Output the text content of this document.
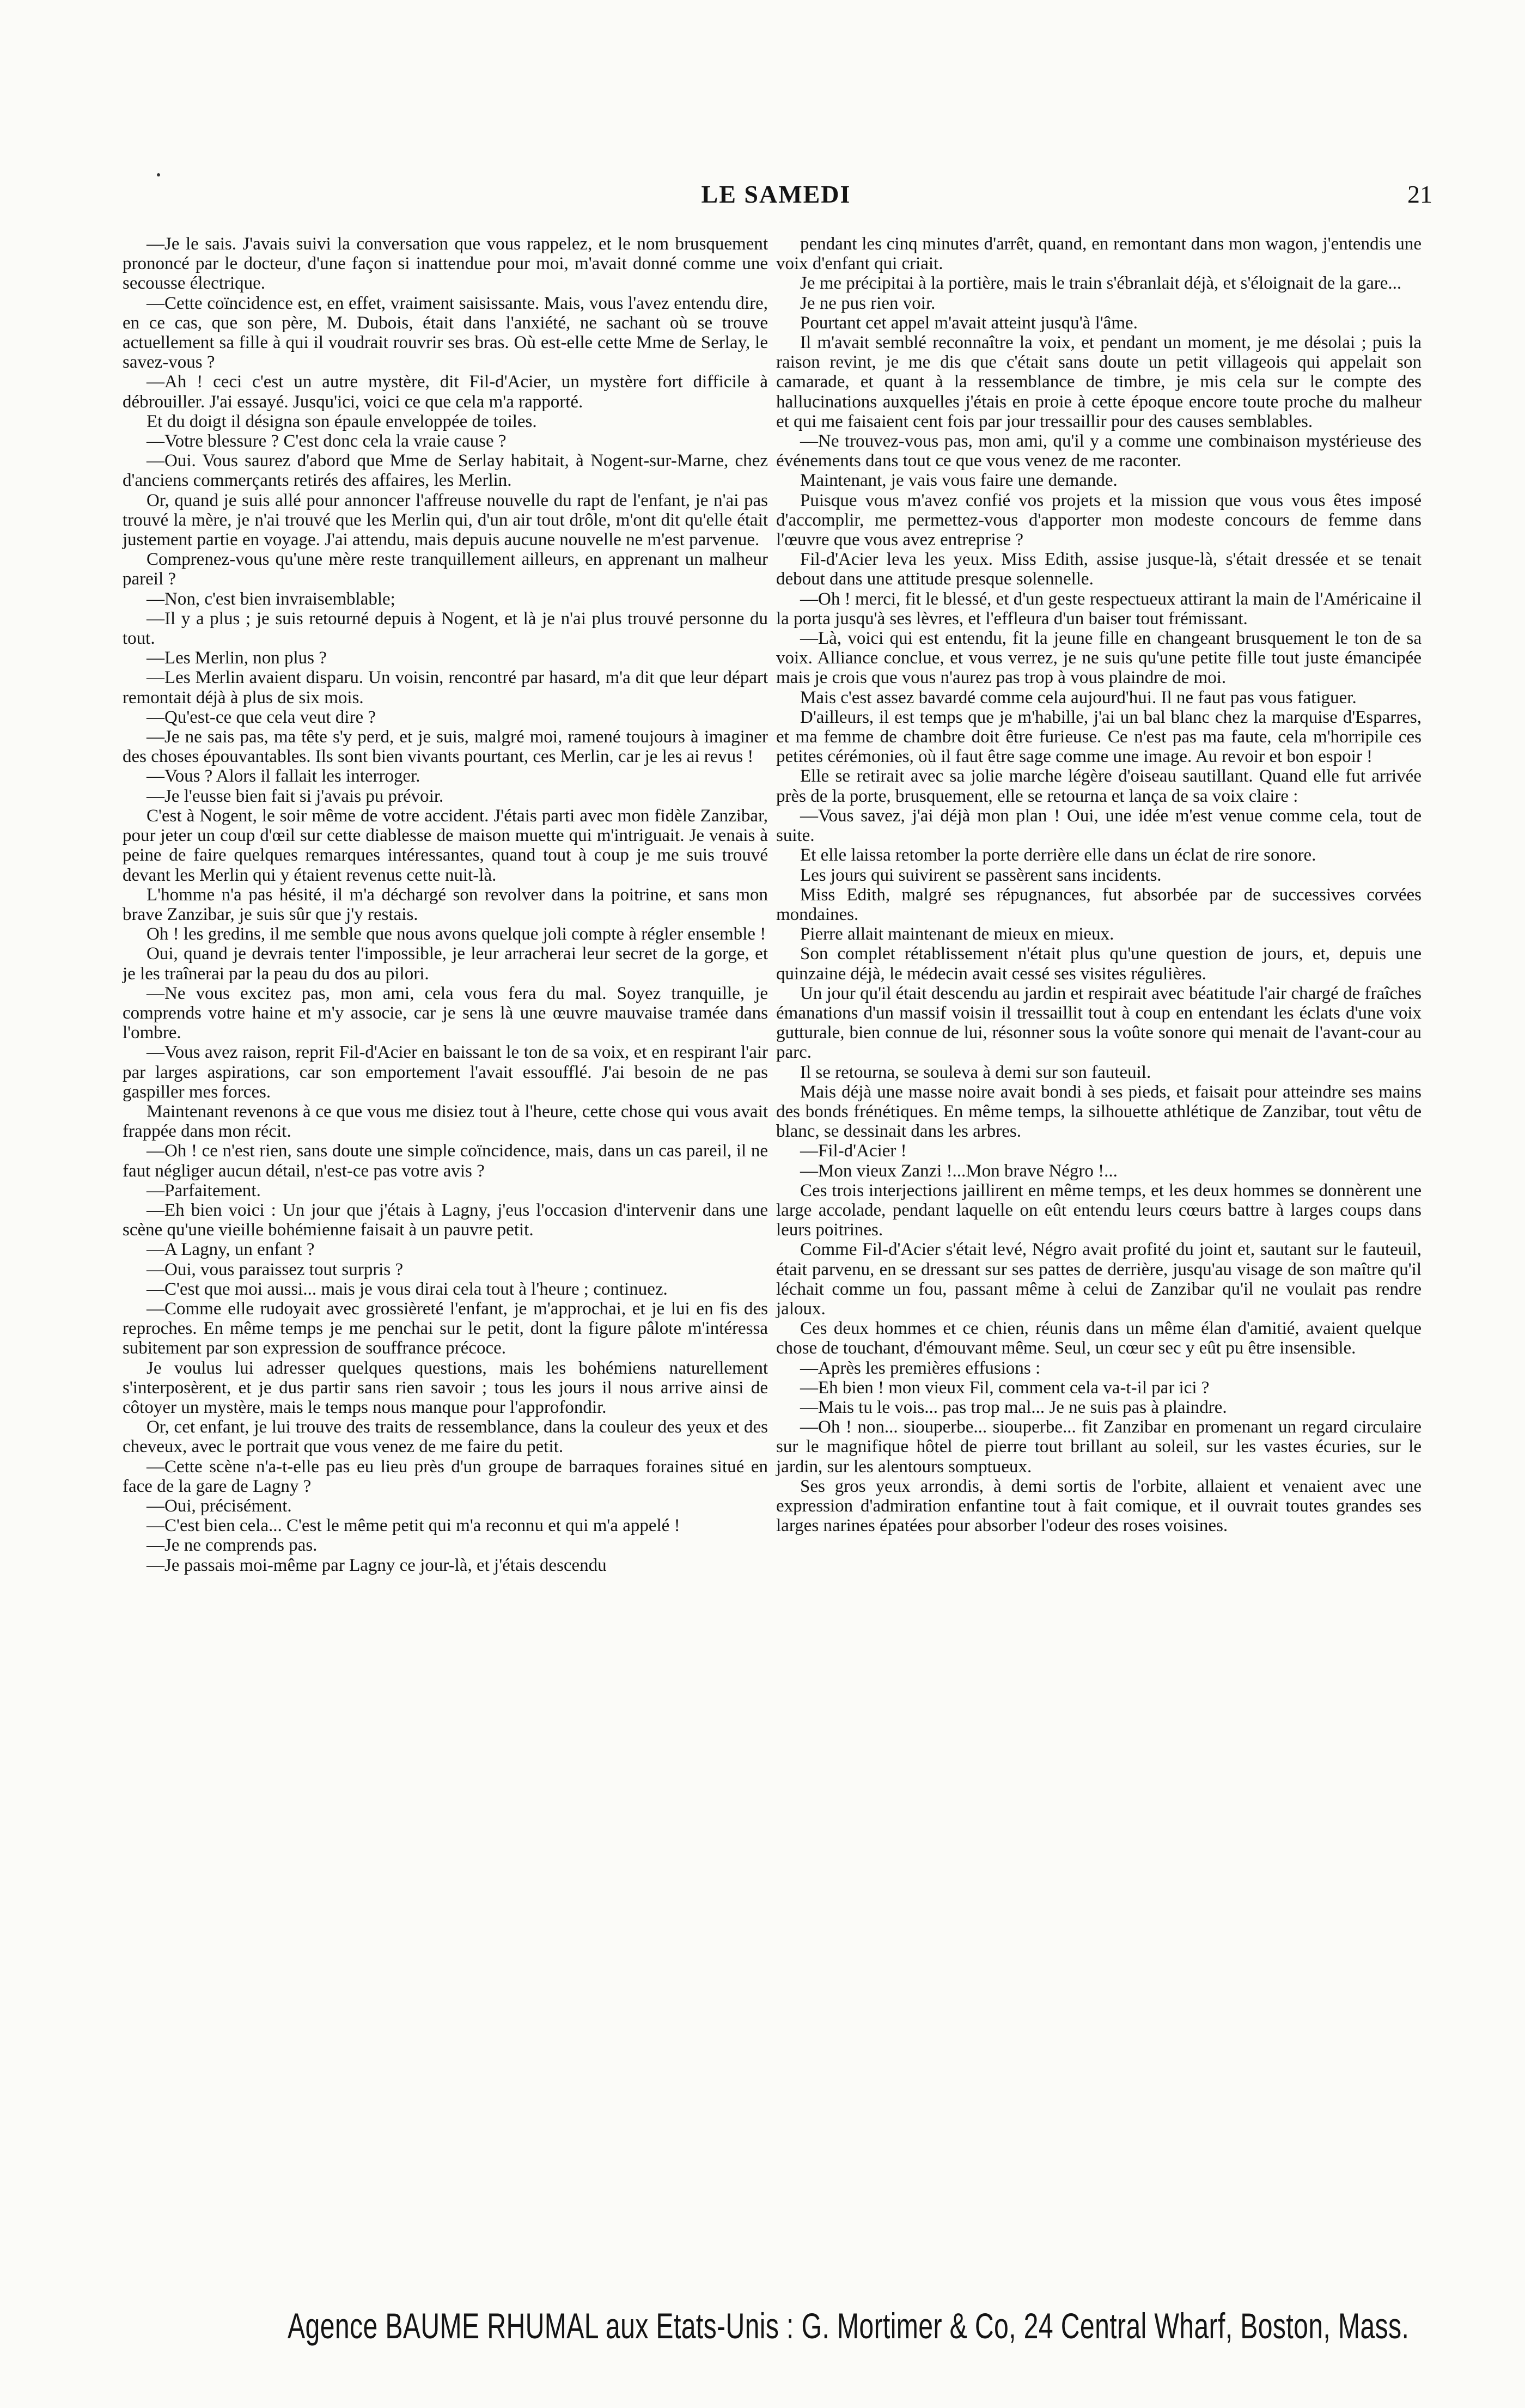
LE SAMEDI	21

—Je le sais. J'avais suivi la conversation que vous rappelez, et le nom brusquement prononcé par le docteur, d'une façon si inattendue pour moi, m'avait donné comme une secousse électrique.

—Cette coïncidence est, en effet, vraiment saisissante. Mais, vous l'avez entendu dire, en ce cas, que son père, M. Dubois, était dans l'anxiété, ne sachant où se trouve actuellement sa fille à qui il voudrait rouvrir ses bras. Où est-elle cette Mme de Serlay, le savez-vous ?

—Ah ! ceci c'est un autre mystère, dit Fil-d'Acier, un mystère fort difficile à débrouiller. J'ai essayé. Jusqu'ici, voici ce que cela m'a rapporté.

Et du doigt il désigna son épaule enveloppée de toiles.

—Votre blessure ? C'est donc cela la vraie cause ?

—Oui. Vous saurez d'abord que Mme de Serlay habitait, à Nogent-sur-Marne, chez d'anciens commerçants retirés des affaires, les Merlin.

Or, quand je suis allé pour annoncer l'affreuse nouvelle du rapt de l'enfant, je n'ai pas trouvé la mère, je n'ai trouvé que les Merlin qui, d'un air tout drôle, m'ont dit qu'elle était justement partie en voyage. J'ai attendu, mais depuis aucune nouvelle ne m'est parvenue.

Comprenez-vous qu'une mère reste tranquillement ailleurs, en apprenant un malheur pareil ?

—Non, c'est bien invraisemblable;

—Il y a plus ; je suis retourné depuis à Nogent, et là je n'ai plus trouvé personne du tout.

—Les Merlin, non plus ?

—Les Merlin avaient disparu. Un voisin, rencontré par hasard, m'a dit que leur départ remontait déjà à plus de six mois.

—Qu'est-ce que cela veut dire ?

—Je ne sais pas, ma tête s'y perd, et je suis, malgré moi, ramené toujours à imaginer des choses épouvantables. Ils sont bien vivants pourtant, ces Merlin, car je les ai revus !

—Vous ? Alors il fallait les interroger.

—Je l'eusse bien fait si j'avais pu prévoir.

C'est à Nogent, le soir même de votre accident. J'étais parti avec mon fidèle Zanzibar, pour jeter un coup d'œil sur cette diablesse de maison muette qui m'intriguait. Je venais à peine de faire quelques remarques intéressantes, quand tout à coup je me suis trouvé devant les Merlin qui y étaient revenus cette nuit-là.

L'homme n'a pas hésité, il m'a déchargé son revolver dans la poitrine, et sans mon brave Zanzibar, je suis sûr que j'y restais.

Oh ! les gredins, il me semble que nous avons quelque joli compte à régler ensemble !

Oui, quand je devrais tenter l'impossible, je leur arracherai leur secret de la gorge, et je les traînerai par la peau du dos au pilori.

—Ne vous excitez pas, mon ami, cela vous fera du mal. Soyez tranquille, je comprends votre haine et m'y associe, car je sens là une œuvre mauvaise tramée dans l'ombre.

—Vous avez raison, reprit Fil-d'Acier en baissant le ton de sa voix, et en respirant l'air par larges aspirations, car son emportement l'avait essoufflé. J'ai besoin de ne pas gaspiller mes forces.

Maintenant revenons à ce que vous me disiez tout à l'heure, cette chose qui vous avait frappée dans mon récit.

—Oh ! ce n'est rien, sans doute une simple coïncidence, mais, dans un cas pareil, il ne faut négliger aucun détail, n'est-ce pas votre avis ?

—Parfaitement.

—Eh bien voici : Un jour que j'étais à Lagny, j'eus l'occasion d'intervenir dans une scène qu'une vieille bohémienne faisait à un pauvre petit.

—A Lagny, un enfant ?

—Oui, vous paraissez tout surpris ?

—C'est que moi aussi... mais je vous dirai cela tout à l'heure ; continuez.

—Comme elle rudoyait avec grossièreté l'enfant, je m'approchai, et je lui en fis des reproches. En même temps je me penchai sur le petit, dont la figure pâlote m'intéressa subitement par son expression de souffrance précoce.

Je voulus lui adresser quelques questions, mais les bohémiens naturellement s'interposèrent, et je dus partir sans rien savoir ; tous les jours il nous arrive ainsi de côtoyer un mystère, mais le temps nous manque pour l'approfondir.

Or, cet enfant, je lui trouve des traits de ressemblance, dans la couleur des yeux et des cheveux, avec le portrait que vous venez de me faire du petit.

—Cette scène n'a-t-elle pas eu lieu près d'un groupe de barraques foraines situé en face de la gare de Lagny ?

—Oui, précisément.

—C'est bien cela... C'est le même petit qui m'a reconnu et qui m'a appelé !

—Je ne comprends pas.

—Je passais moi-même par Lagny ce jour-là, et j'étais descendu

pendant les cinq minutes d'arrêt, quand, en remontant dans mon wagon, j'entendis une voix d'enfant qui criait.

Je me précipitai à la portière, mais le train s'ébranlait déjà, et s'éloignait de la gare...

Je ne pus rien voir.

Pourtant cet appel m'avait atteint jusqu'à l'âme.

Il m'avait semblé reconnaître la voix, et pendant un moment, je me désolai ; puis la raison revint, je me dis que c'était sans doute un petit villageois qui appelait son camarade, et quant à la ressemblance de timbre, je mis cela sur le compte des hallucinations auxquelles j'étais en proie à cette époque encore toute proche du malheur et qui me faisaient cent fois par jour tressaillir pour des causes semblables.

—Ne trouvez-vous pas, mon ami, qu'il y a comme une combinaison mystérieuse des événements dans tout ce que vous venez de me raconter.

Maintenant, je vais vous faire une demande.

Puisque vous m'avez confié vos projets et la mission que vous vous êtes imposé d'accomplir, me permettez-vous d'apporter mon modeste concours de femme dans l'œuvre que vous avez entreprise ?

Fil-d'Acier leva les yeux. Miss Edith, assise jusque-là, s'était dressée et se tenait debout dans une attitude presque solennelle.

—Oh ! merci, fit le blessé, et d'un geste respectueux attirant la main de l'Américaine il la porta jusqu'à ses lèvres, et l'effleura d'un baiser tout frémissant.

—Là, voici qui est entendu, fit la jeune fille en changeant brusquement le ton de sa voix. Alliance conclue, et vous verrez, je ne suis qu'une petite fille tout juste émancipée mais je crois que vous n'aurez pas trop à vous plaindre de moi.

Mais c'est assez bavardé comme cela aujourd'hui. Il ne faut pas vous fatiguer.

D'ailleurs, il est temps que je m'habille, j'ai un bal blanc chez la marquise d'Esparres, et ma femme de chambre doit être furieuse. Ce n'est pas ma faute, cela m'horripile ces petites cérémonies, où il faut être sage comme une image. Au revoir et bon espoir !

Elle se retirait avec sa jolie marche légère d'oiseau sautillant. Quand elle fut arrivée près de la porte, brusquement, elle se retourna et lança de sa voix claire :

—Vous savez, j'ai déjà mon plan ! Oui, une idée m'est venue comme cela, tout de suite.

Et elle laissa retomber la porte derrière elle dans un éclat de rire sonore.

Les jours qui suivirent se passèrent sans incidents.

Miss Edith, malgré ses répugnances, fut absorbée par de successives corvées mondaines.

Pierre allait maintenant de mieux en mieux.

Son complet rétablissement n'était plus qu'une question de jours, et, depuis une quinzaine déjà, le médecin avait cessé ses visites régulières.

Un jour qu'il était descendu au jardin et respirait avec béatitude l'air chargé de fraîches émanations d'un massif voisin il tressaillit tout à coup en entendant les éclats d'une voix gutturale, bien connue de lui, résonner sous la voûte sonore qui menait de l'avant-cour au parc.

Il se retourna, se souleva à demi sur son fauteuil.

Mais déjà une masse noire avait bondi à ses pieds, et faisait pour atteindre ses mains des bonds frénétiques. En même temps, la silhouette athlétique de Zanzibar, tout vêtu de blanc, se dessinait dans les arbres.

—Fil-d'Acier !

—Mon vieux Zanzi !...Mon brave Négro !...

Ces trois interjections jaillirent en même temps, et les deux hommes se donnèrent une large accolade, pendant laquelle on eût entendu leurs cœurs battre à larges coups dans leurs poitrines.

Comme Fil-d'Acier s'était levé, Négro avait profité du joint et, sautant sur le fauteuil, était parvenu, en se dressant sur ses pattes de derrière, jusqu'au visage de son maître qu'il léchait comme un fou, passant même à celui de Zanzibar qu'il ne voulait pas rendre jaloux.

Ces deux hommes et ce chien, réunis dans un même élan d'amitié, avaient quelque chose de touchant, d'émouvant même. Seul, un cœur sec y eût pu être insensible.

—Après les premières effusions :

—Eh bien ! mon vieux Fil, comment cela va-t-il par ici ?

—Mais tu le vois... pas trop mal... Je ne suis pas à plaindre.

—Oh ! non... siouperbe... siouperbe... fit Zanzibar en promenant un regard circulaire sur le magnifique hôtel de pierre tout brillant au soleil, sur les vastes écuries, sur le jardin, sur les alentours somptueux.

Ses gros yeux arrondis, à demi sortis de l'orbite, allaient et venaient avec une expression d'admiration enfantine tout à fait comique, et il ouvrait toutes grandes ses larges narines épatées pour absorber l'odeur des roses voisines.

Agence BAUME RHUMAL aux Etats-Unis : G. Mortimer & Co, 24 Central Wharf, Boston, Mass.
